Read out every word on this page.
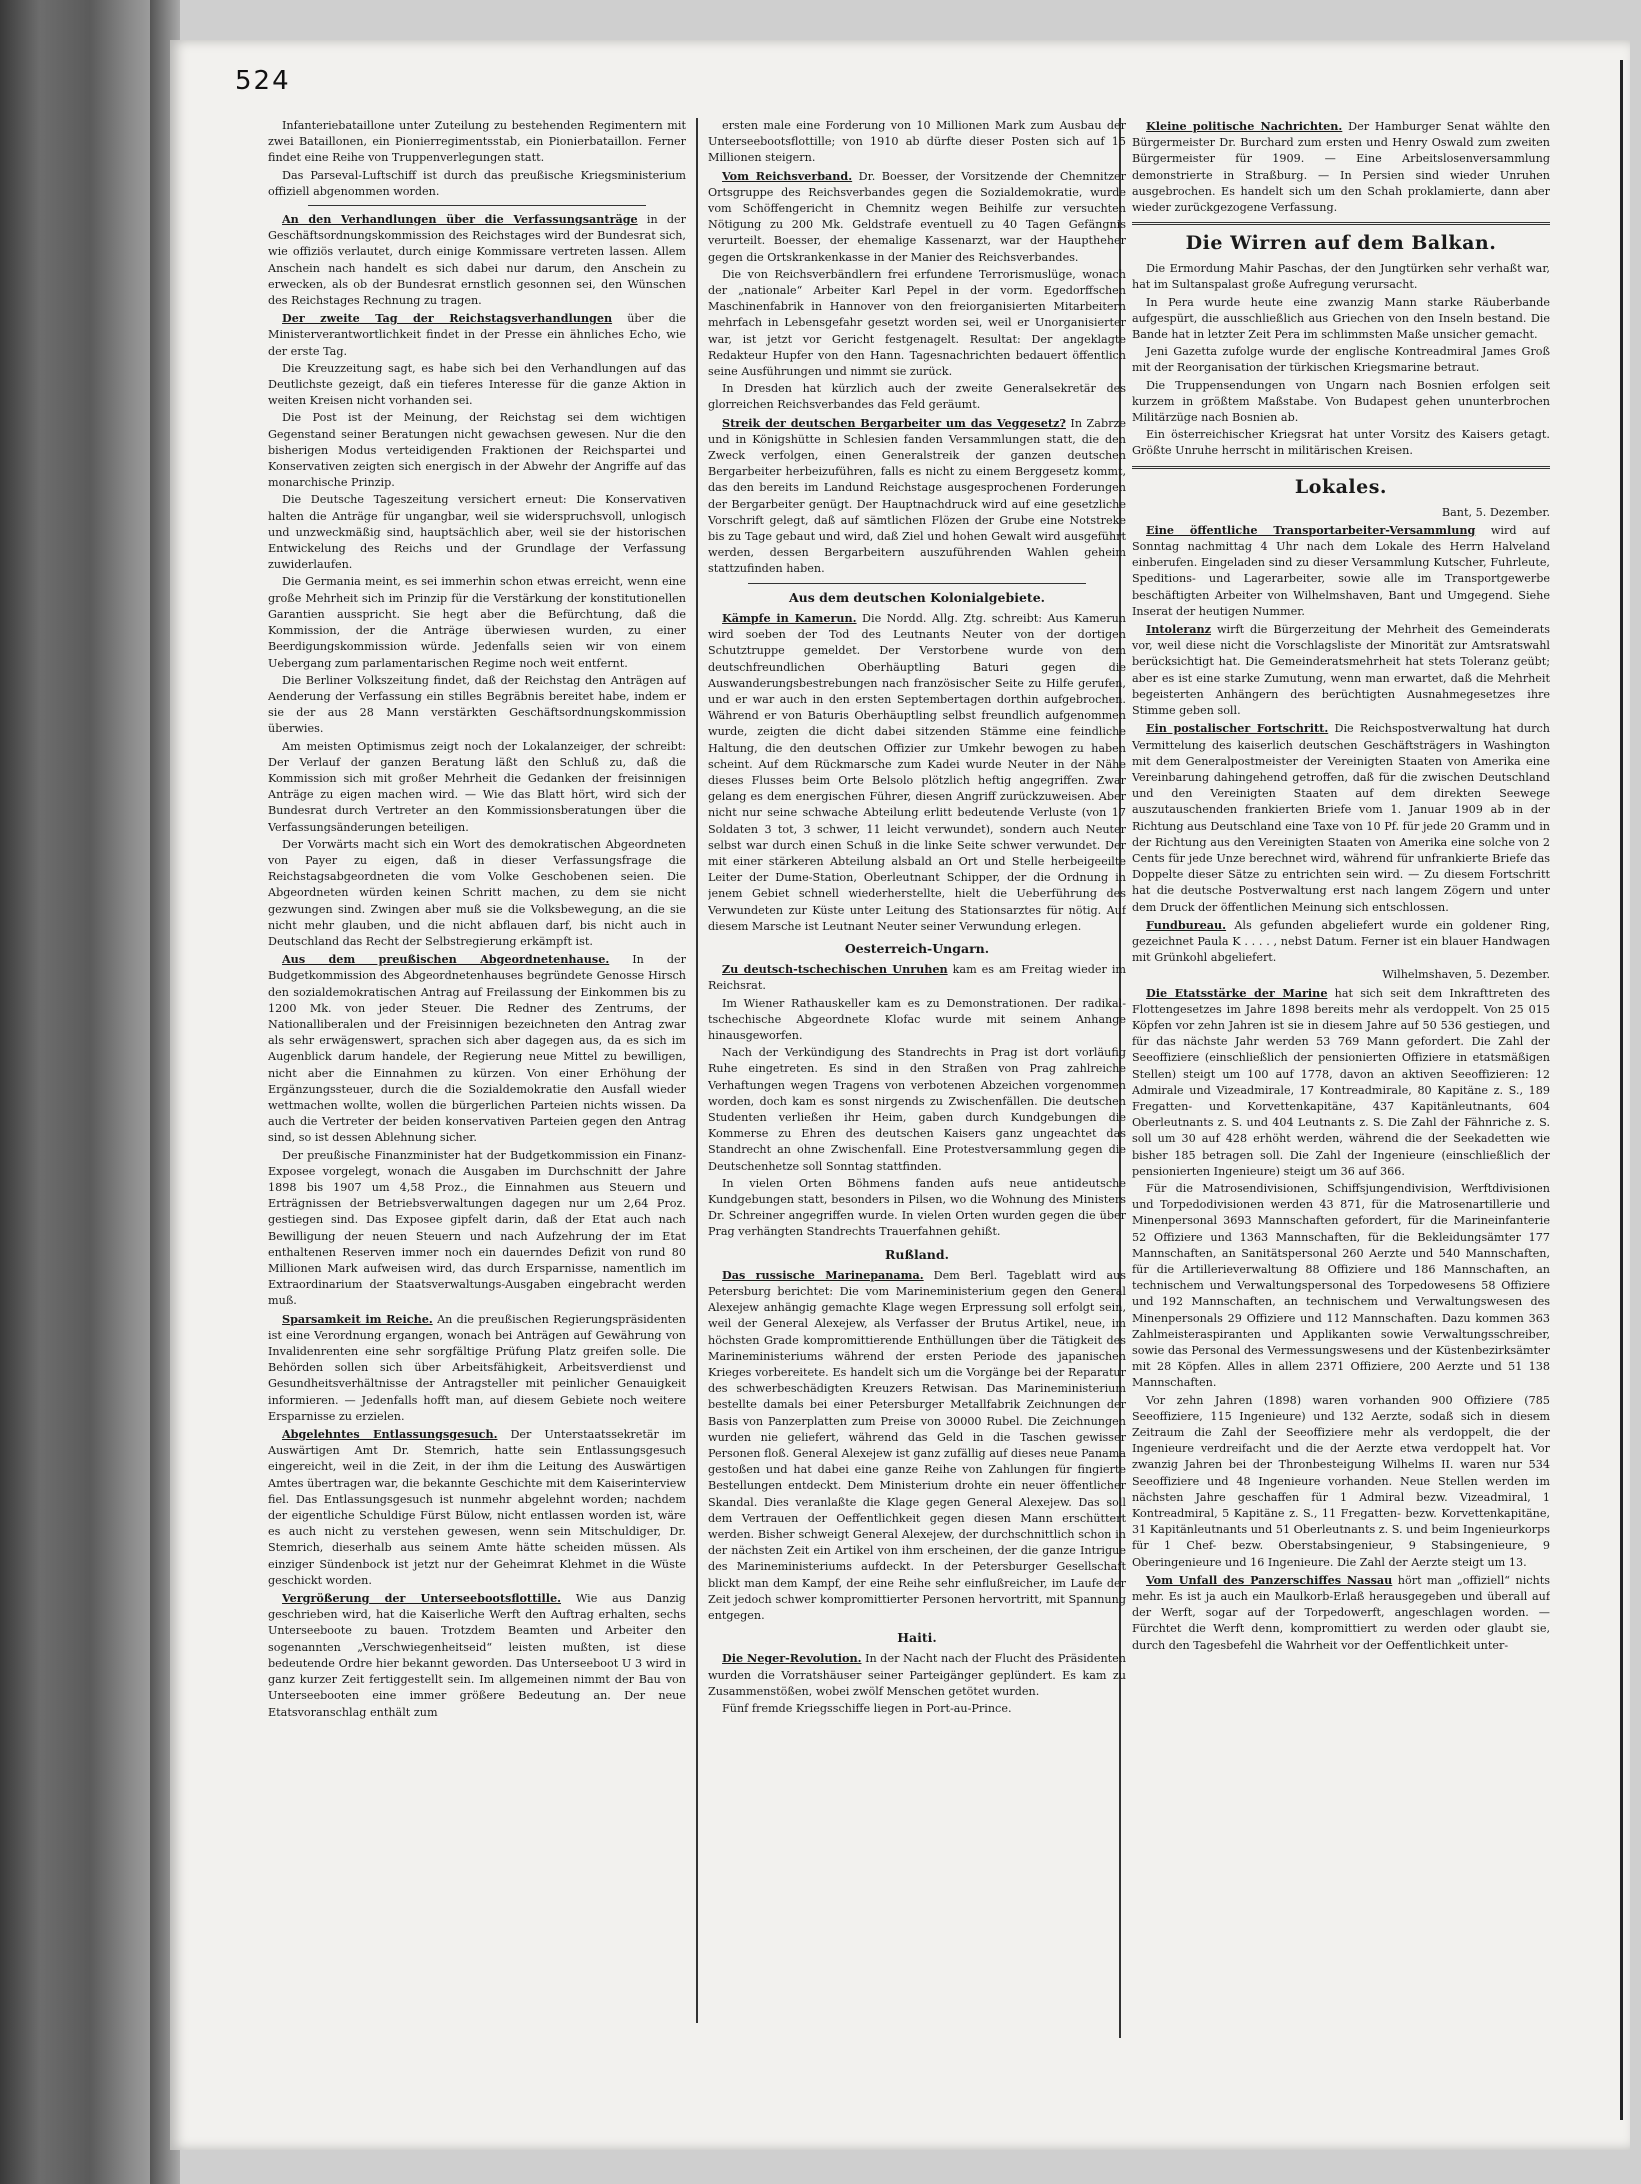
524

Infanteriebataillone unter Zuteilung zu bestehenden Regimentern mit zwei Bataillonen, ein Pionierregimentsstab, ein Pionierbataillon. Ferner findet eine Reihe von Truppenverlegungen statt.

Das Parseval-Luftschiff ist durch das preußische Kriegsministerium offiziell abgenommen worden.

An den Verhandlungen über die Verfassungsanträge in der Geschäftsordnungskommission des Reichstages wird der Bundesrat sich, wie offiziös verlautet, durch einige Kommissare vertreten lassen. Allem Anschein nach handelt es sich dabei nur darum, den Anschein zu erwecken, als ob der Bundesrat ernstlich gesonnen sei, den Wünschen des Reichstages Rechnung zu tragen.

Der zweite Tag der Reichstagsverhandlungen über die Ministerverantwortlichkeit findet in der Presse ein ähnliches Echo, wie der erste Tag.

Die Kreuzzeitung sagt, es habe sich bei den Verhandlungen auf das Deutlichste gezeigt, daß ein tieferes Interesse für die ganze Aktion in weiten Kreisen nicht vorhanden sei.

Die Post ist der Meinung, der Reichstag sei dem wichtigen Gegenstand seiner Beratungen nicht gewachsen gewesen. Nur die den bisherigen Modus verteidigenden Fraktionen der Reichspartei und Konservativen zeigten sich energisch in der Abwehr der Angriffe auf das monarchische Prinzip.

Die Deutsche Tageszeitung versichert erneut: Die Konservativen halten die Anträge für ungangbar, weil sie widerspruchsvoll, unlogisch und unzweckmäßig sind, hauptsächlich aber, weil sie der historischen Entwickelung des Reichs und der Grundlage der Verfassung zuwiderlaufen.

Die Germania meint, es sei immerhin schon etwas erreicht, wenn eine große Mehrheit sich im Prinzip für die Verstärkung der konstitutionellen Garantien ausspricht. Sie hegt aber die Befürchtung, daß die Kommission, der die Anträge überwiesen wurden, zu einer Beerdigungskommission würde. Jedenfalls seien wir von einem Uebergang zum parlamentarischen Regime noch weit entfernt.

Die Berliner Volkszeitung findet, daß der Reichstag den Anträgen auf Aenderung der Verfassung ein stilles Begräbnis bereitet habe, indem er sie der aus 28 Mann verstärkten Geschäftsordnungskommission überwies.

Am meisten Optimismus zeigt noch der Lokalanzeiger, der schreibt: Der Verlauf der ganzen Beratung läßt den Schluß zu, daß die Kommission sich mit großer Mehrheit die Gedanken der freisinnigen Anträge zu eigen machen wird. — Wie das Blatt hört, wird sich der Bundesrat durch Vertreter an den Kommissionsberatungen über die Verfassungsänderungen beteiligen.

Der Vorwärts macht sich ein Wort des demokratischen Abgeordneten von Payer zu eigen, daß in dieser Verfassungsfrage die Reichstagsabgeordneten die vom Volke Geschobenen seien. Die Abgeordneten würden keinen Schritt machen, zu dem sie nicht gezwungen sind. Zwingen aber muß sie die Volksbewegung, an die sie nicht mehr glauben, und die nicht abflauen darf, bis nicht auch in Deutschland das Recht der Selbstregierung erkämpft ist.

Aus dem preußischen Abgeordnetenhause. In der Budgetkommission des Abgeordnetenhauses begründete Genosse Hirsch den sozialdemokratischen Antrag auf Freilassung der Einkommen bis zu 1200 Mk. von jeder Steuer. Die Redner des Zentrums, der Nationalliberalen und der Freisinnigen bezeichneten den Antrag zwar als sehr erwägenswert, sprachen sich aber dagegen aus, da es sich im Augenblick darum handele, der Regierung neue Mittel zu bewilligen, nicht aber die Einnahmen zu kürzen. Von einer Erhöhung der Ergänzungssteuer, durch die die Sozialdemokratie den Ausfall wieder wettmachen wollte, wollen die bürgerlichen Parteien nichts wissen. Da auch die Vertreter der beiden konservativen Parteien gegen den Antrag sind, so ist dessen Ablehnung sicher.

Der preußische Finanzminister hat der Budgetkommission ein Finanz-Exposee vorgelegt, wonach die Ausgaben im Durchschnitt der Jahre 1898 bis 1907 um 4,58 Proz., die Einnahmen aus Steuern und Erträgnissen der Betriebsverwaltungen dagegen nur um 2,64 Proz. gestiegen sind. Das Exposee gipfelt darin, daß der Etat auch nach Bewilligung der neuen Steuern und nach Aufzehrung der im Etat enthaltenen Reserven immer noch ein dauerndes Defizit von rund 80 Millionen Mark aufweisen wird, das durch Ersparnisse, namentlich im Extraordinarium der Staatsverwaltungs-Ausgaben eingebracht werden muß.

Sparsamkeit im Reiche. An die preußischen Regierungspräsidenten ist eine Verordnung ergangen, wonach bei Anträgen auf Gewährung von Invalidenrenten eine sehr sorgfältige Prüfung Platz greifen solle. Die Behörden sollen sich über Arbeitsfähigkeit, Arbeitsverdienst und Gesundheitsverhältnisse der Antragsteller mit peinlicher Genauigkeit informieren. — Jedenfalls hofft man, auf diesem Gebiete noch weitere Ersparnisse zu erzielen.

Abgelehntes Entlassungsgesuch. Der Unterstaatssekretär im Auswärtigen Amt Dr. Stemrich, hatte sein Entlassungsgesuch eingereicht, weil in die Zeit, in der ihm die Leitung des Auswärtigen Amtes übertragen war, die bekannte Geschichte mit dem Kaiserinterview fiel. Das Entlassungsgesuch ist nunmehr abgelehnt worden; nachdem der eigentliche Schuldige Fürst Bülow, nicht entlassen worden ist, wäre es auch nicht zu verstehen gewesen, wenn sein Mitschuldiger, Dr. Stemrich, dieserhalb aus seinem Amte hätte scheiden müssen. Als einziger Sündenbock ist jetzt nur der Geheimrat Klehmet in die Wüste geschickt worden.

Vergrößerung der Unterseebootsflottille. Wie aus Danzig geschrieben wird, hat die Kaiserliche Werft den Auftrag erhalten, sechs Unterseeboote zu bauen. Trotzdem Beamten und Arbeiter den sogenannten „Verschwiegenheitseid“ leisten mußten, ist diese bedeutende Ordre hier bekannt geworden. Das Unterseeboot U 3 wird in ganz kurzer Zeit fertiggestellt sein. Im allgemeinen nimmt der Bau von Unterseebooten eine immer größere Bedeutung an. Der neue Etatsvoranschlag enthält zum

ersten male eine Forderung von 10 Millionen Mark zum Ausbau der Unterseebootsflottille; von 1910 ab dürfte dieser Posten sich auf 15 Millionen steigern.

Vom Reichsverband. Dr. Boesser, der Vorsitzende der Chemnitzer Ortsgruppe des Reichsverbandes gegen die Sozialdemokratie, wurde vom Schöffengericht in Chemnitz wegen Beihilfe zur versuchten Nötigung zu 200 Mk. Geldstrafe eventuell zu 40 Tagen Gefängnis verurteilt. Boesser, der ehemalige Kassenarzt, war der Hauptheher gegen die Ortskrankenkasse in der Manier des Reichsverbandes.

Die von Reichsverbändlern frei erfundene Terrorismuslüge, wonach der „nationale“ Arbeiter Karl Pepel in der vorm. Egedorffschen Maschinenfabrik in Hannover von den freiorganisierten Mitarbeitern mehrfach in Lebensgefahr gesetzt worden sei, weil er Unorganisierter war, ist jetzt vor Gericht festgenagelt. Resultat: Der angeklagte Redakteur Hupfer von den Hann. Tagesnachrichten bedauert öffentlich seine Ausführungen und nimmt sie zurück.

In Dresden hat kürzlich auch der zweite Generalsekretär des glorreichen Reichsverbandes das Feld geräumt.

Streik der deutschen Bergarbeiter um das Veggesetz? In Zabrze und in Königshütte in Schlesien fanden Versammlungen statt, die den Zweck verfolgen, einen Generalstreik der ganzen deutschen Bergarbeiter herbeizuführen, falls es nicht zu einem Berggesetz kommt, das den bereits im Landund Reichstage ausgesprochenen Forderungen der Bergarbeiter genügt. Der Hauptnachdruck wird auf eine gesetzliche Vorschrift gelegt, daß auf sämtlichen Flözen der Grube eine Notstreke bis zu Tage gebaut und wird, daß Ziel und hohen Gewalt wird ausgeführt werden, dessen Bergarbeitern auszuführenden Wahlen geheim stattzufinden haben.

Aus dem deutschen Kolonialgebiete.

Kämpfe in Kamerun. Die Nordd. Allg. Ztg. schreibt: Aus Kamerun wird soeben der Tod des Leutnants Neuter von der dortigen Schutztruppe gemeldet. Der Verstorbene wurde von dem deutschfreundlichen Oberhäuptling Baturi gegen die Auswanderungsbestrebungen nach französischer Seite zu Hilfe gerufen, und er war auch in den ersten Septembertagen dorthin aufgebrochen. Während er von Baturis Oberhäuptling selbst freundlich aufgenommen wurde, zeigten die dicht dabei sitzenden Stämme eine feindliche Haltung, die den deutschen Offizier zur Umkehr bewogen zu haben scheint. Auf dem Rückmarsche zum Kadei wurde Neuter in der Nähe dieses Flusses beim Orte Belsolo plötzlich heftig angegriffen. Zwar gelang es dem energischen Führer, diesen Angriff zurückzuweisen. Aber nicht nur seine schwache Abteilung erlitt bedeutende Verluste (von 17 Soldaten 3 tot, 3 schwer, 11 leicht verwundet), sondern auch Neuter selbst war durch einen Schuß in die linke Seite schwer verwundet. Der mit einer stärkeren Abteilung alsbald an Ort und Stelle herbeigeeilte Leiter der Dume-Station, Oberleutnant Schipper, der die Ordnung in jenem Gebiet schnell wiederherstellte, hielt die Ueberführung des Verwundeten zur Küste unter Leitung des Stationsarztes für nötig. Auf diesem Marsche ist Leutnant Neuter seiner Verwundung erlegen.

Oesterreich-Ungarn.

Zu deutsch-tschechischen Unruhen kam es am Freitag wieder im Reichsrat.

Im Wiener Rathauskeller kam es zu Demonstrationen. Der radikal-tschechische Abgeordnete Klofac wurde mit seinem Anhange hinausgeworfen.

Nach der Verkündigung des Standrechts in Prag ist dort vorläufig Ruhe eingetreten. Es sind in den Straßen von Prag zahlreiche Verhaftungen wegen Tragens von verbotenen Abzeichen vorgenommen worden, doch kam es sonst nirgends zu Zwischenfällen. Die deutschen Studenten verließen ihr Heim, gaben durch Kundgebungen die Kommerse zu Ehren des deutschen Kaisers ganz ungeachtet das Standrecht an ohne Zwischenfall. Eine Protestversammlung gegen die Deutschenhetze soll Sonntag stattfinden.

In vielen Orten Böhmens fanden aufs neue antideutsche Kundgebungen statt, besonders in Pilsen, wo die Wohnung des Ministers Dr. Schreiner angegriffen wurde. In vielen Orten wurden gegen die über Prag verhängten Standrechts Trauerfahnen gehißt.

Rußland.

Das russische Marinepanama. Dem Berl. Tageblatt wird aus Petersburg berichtet: Die vom Marineministerium gegen den General Alexejew anhängig gemachte Klage wegen Erpressung soll erfolgt sein, weil der General Alexejew, als Verfasser der Brutus Artikel, neue, im höchsten Grade kompromittierende Enthüllungen über die Tätigkeit des Marineministeriums während der ersten Periode des japanischen Krieges vorbereitete. Es handelt sich um die Vorgänge bei der Reparatur des schwerbeschädigten Kreuzers Retwisan. Das Marineministerium bestellte damals bei einer Petersburger Metallfabrik Zeichnungen der Basis von Panzerplatten zum Preise von 30000 Rubel. Die Zeichnungen wurden nie geliefert, während das Geld in die Taschen gewisser Personen floß. General Alexejew ist ganz zufällig auf dieses neue Panama gestoßen und hat dabei eine ganze Reihe von Zahlungen für fingierte Bestellungen entdeckt. Dem Ministerium drohte ein neuer öffentlicher Skandal. Dies veranlaßte die Klage gegen General Alexejew. Das soll dem Vertrauen der Oeffentlichkeit gegen diesen Mann erschüttert werden. Bisher schweigt General Alexejew, der durchschnittlich schon in der nächsten Zeit ein Artikel von ihm erscheinen, der die ganze Intrigue des Marineministeriums aufdeckt. In der Petersburger Gesellschaft blickt man dem Kampf, der eine Reihe sehr einflußreicher, im Laufe der Zeit jedoch schwer kompromittierter Personen hervortritt, mit Spannung entgegen.

Haiti.

Die Neger-Revolution. In der Nacht nach der Flucht des Präsidenten wurden die Vorratshäuser seiner Parteigänger geplündert. Es kam zu Zusammenstößen, wobei zwölf Menschen getötet wurden.

Fünf fremde Kriegsschiffe liegen in Port-au-Prince.

Kleine politische Nachrichten. Der Hamburger Senat wählte den Bürgermeister Dr. Burchard zum ersten und Henry Oswald zum zweiten Bürgermeister für 1909. — Eine Arbeitslosenversammlung demonstrierte in Straßburg. — In Persien sind wieder Unruhen ausgebrochen. Es handelt sich um den Schah proklamierte, dann aber wieder zurückgezogene Verfassung.

Die Wirren auf dem Balkan.

Die Ermordung Mahir Paschas, der den Jungtürken sehr verhaßt war, hat im Sultanspalast große Aufregung verursacht.

In Pera wurde heute eine zwanzig Mann starke Räuberbande aufgespürt, die ausschließlich aus Griechen von den Inseln bestand. Die Bande hat in letzter Zeit Pera im schlimmsten Maße unsicher gemacht.

Jeni Gazetta zufolge wurde der englische Kontreadmiral James Groß mit der Reorganisation der türkischen Kriegsmarine betraut.

Die Truppensendungen von Ungarn nach Bosnien erfolgen seit kurzem in größtem Maßstabe. Von Budapest gehen ununterbrochen Militärzüge nach Bosnien ab.

Ein österreichischer Kriegsrat hat unter Vorsitz des Kaisers getagt. Größte Unruhe herrscht in militärischen Kreisen.

Lokales.

Bant, 5. Dezember.

Eine öffentliche Transportarbeiter-Versammlung wird auf Sonntag nachmittag 4 Uhr nach dem Lokale des Herrn Halveland einberufen. Eingeladen sind zu dieser Versammlung Kutscher, Fuhrleute, Speditions- und Lagerarbeiter, sowie alle im Transportgewerbe beschäftigten Arbeiter von Wilhelmshaven, Bant und Umgegend. Siehe Inserat der heutigen Nummer.

Intoleranz wirft die Bürgerzeitung der Mehrheit des Gemeinderats vor, weil diese nicht die Vorschlagsliste der Minorität zur Amtsratswahl berücksichtigt hat. Die Gemeinderatsmehrheit hat stets Toleranz geübt; aber es ist eine starke Zumutung, wenn man erwartet, daß die Mehrheit begeisterten Anhängern des berüchtigten Ausnahmegesetzes ihre Stimme geben soll.

Ein postalischer Fortschritt. Die Reichspostverwaltung hat durch Vermittelung des kaiserlich deutschen Geschäftsträgers in Washington mit dem Generalpostmeister der Vereinigten Staaten von Amerika eine Vereinbarung dahingehend getroffen, daß für die zwischen Deutschland und den Vereinigten Staaten auf dem direkten Seewege auszutauschenden frankierten Briefe vom 1. Januar 1909 ab in der Richtung aus Deutschland eine Taxe von 10 Pf. für jede 20 Gramm und in der Richtung aus den Vereinigten Staaten von Amerika eine solche von 2 Cents für jede Unze berechnet wird, während für unfrankierte Briefe das Doppelte dieser Sätze zu entrichten sein wird. — Zu diesem Fortschritt hat die deutsche Postverwaltung erst nach langem Zögern und unter dem Druck der öffentlichen Meinung sich entschlossen.

Fundbureau. Als gefunden abgeliefert wurde ein goldener Ring, gezeichnet Paula K . . . . , nebst Datum. Ferner ist ein blauer Handwagen mit Grünkohl abgeliefert.

Wilhelmshaven, 5. Dezember.

Die Etatsstärke der Marine hat sich seit dem Inkrafttreten des Flottengesetzes im Jahre 1898 bereits mehr als verdoppelt. Von 25 015 Köpfen vor zehn Jahren ist sie in diesem Jahre auf 50 536 gestiegen, und für das nächste Jahr werden 53 769 Mann gefordert. Die Zahl der Seeoffiziere (einschließlich der pensionierten Offiziere in etatsmäßigen Stellen) steigt um 100 auf 1778, davon an aktiven Seeoffizieren: 12 Admirale und Vizeadmirale, 17 Kontreadmirale, 80 Kapitäne z. S., 189 Fregatten- und Korvettenkapitäne, 437 Kapitänleutnants, 604 Oberleutnants z. S. und 404 Leutnants z. S. Die Zahl der Fähnriche z. S. soll um 30 auf 428 erhöht werden, während die der Seekadetten wie bisher 185 betragen soll. Die Zahl der Ingenieure (einschließlich der pensionierten Ingenieure) steigt um 36 auf 366.

Für die Matrosendivisionen, Schiffsjungendivision, Werftdivisionen und Torpedodivisionen werden 43 871, für die Matrosenartillerie und Minenpersonal 3693 Mannschaften gefordert, für die Marineinfanterie 52 Offiziere und 1363 Mannschaften, für die Bekleidungsämter 177 Mannschaften, an Sanitätspersonal 260 Aerzte und 540 Mannschaften, für die Artillerieverwaltung 88 Offiziere und 186 Mannschaften, an technischem und Verwaltungspersonal des Torpedowesens 58 Offiziere und 192 Mannschaften, an technischem und Verwaltungswesen des Minenpersonals 29 Offiziere und 112 Mannschaften. Dazu kommen 363 Zahlmeisteraspiranten und Applikanten sowie Verwaltungsschreiber, sowie das Personal des Vermessungswesens und der Küstenbezirksämter mit 28 Köpfen. Alles in allem 2371 Offiziere, 200 Aerzte und 51 138 Mannschaften.

Vor zehn Jahren (1898) waren vorhanden 900 Offiziere (785 Seeoffiziere, 115 Ingenieure) und 132 Aerzte, sodaß sich in diesem Zeitraum die Zahl der Seeoffiziere mehr als verdoppelt, die der Ingenieure verdreifacht und die der Aerzte etwa verdoppelt hat. Vor zwanzig Jahren bei der Thronbesteigung Wilhelms II. waren nur 534 Seeoffiziere und 48 Ingenieure vorhanden. Neue Stellen werden im nächsten Jahre geschaffen für 1 Admiral bezw. Vizeadmiral, 1 Kontreadmiral, 5 Kapitäne z. S., 11 Fregatten- bezw. Korvettenkapitäne, 31 Kapitänleutnants und 51 Oberleutnants z. S. und beim Ingenieurkorps für 1 Chef- bezw. Oberstabsingenieur, 9 Stabsingenieure, 9 Oberingenieure und 16 Ingenieure. Die Zahl der Aerzte steigt um 13.

Vom Unfall des Panzerschiffes Nassau hört man „offiziell“ nichts mehr. Es ist ja auch ein Maulkorb-Erlaß herausgegeben und überall auf der Werft, sogar auf der Torpedowerft, angeschlagen worden. — Fürchtet die Werft denn, kompromittiert zu werden oder glaubt sie, durch den Tagesbefehl die Wahrheit vor der Oeffentlichkeit unter-
